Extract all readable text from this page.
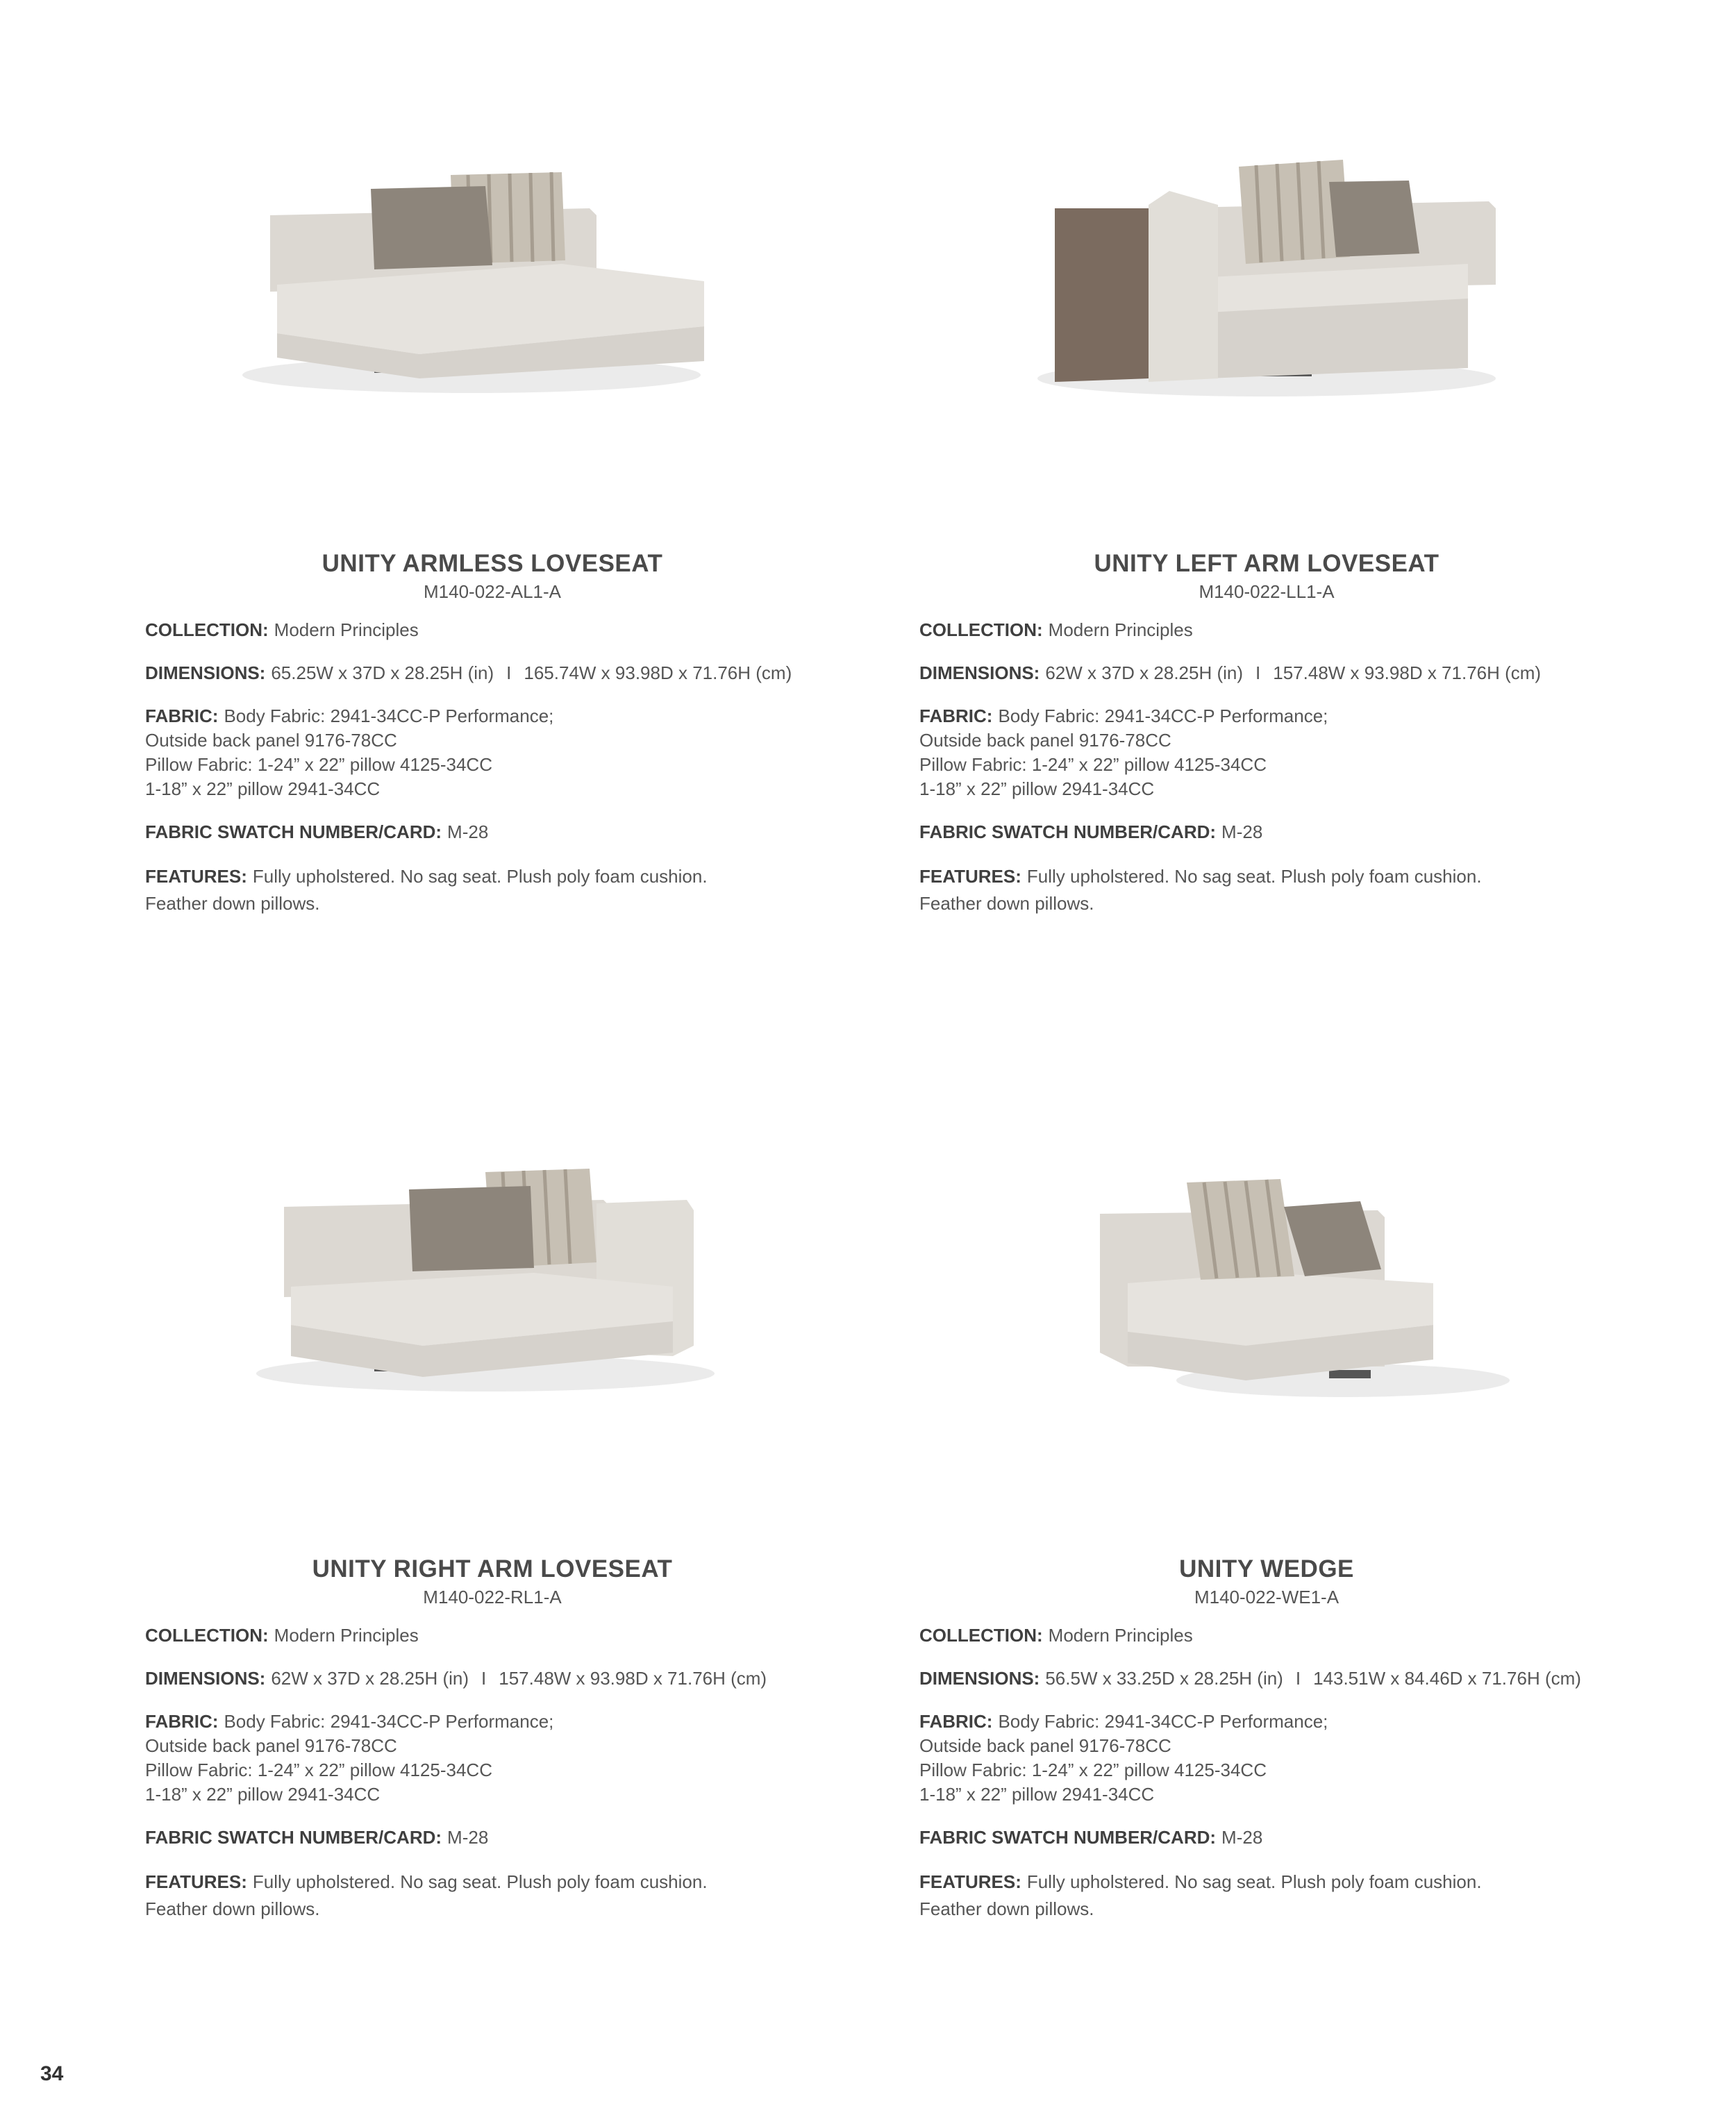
UNITY ARMLESS LOVESEAT
M140-022-AL1-A
COLLECTION: Modern Principles
DIMENSIONS: 65.25W x 37D x 28.25H (in) I 165.74W x 93.98D x 71.76H (cm)
FABRIC: Body Fabric: 2941-34CC-P Performance;
Outside back panel 9176-78CC
Pillow Fabric: 1-24” x 22” pillow 4125-34CC
1-18” x 22” pillow 2941-34CC
FABRIC SWATCH NUMBER/CARD: M-28
FEATURES: Fully upholstered. No sag seat. Plush poly foam cushion.
Feather down pillows.
UNITY LEFT ARM LOVESEAT
M140-022-LL1-A
COLLECTION: Modern Principles
DIMENSIONS: 62W x 37D x 28.25H (in) I 157.48W x 93.98D x 71.76H (cm)
FABRIC: Body Fabric: 2941-34CC-P Performance;
Outside back panel 9176-78CC
Pillow Fabric: 1-24” x 22” pillow 4125-34CC
1-18” x 22” pillow 2941-34CC
FABRIC SWATCH NUMBER/CARD: M-28
FEATURES: Fully upholstered. No sag seat. Plush poly foam cushion.
Feather down pillows.
UNITY RIGHT ARM LOVESEAT
M140-022-RL1-A
COLLECTION: Modern Principles
DIMENSIONS: 62W x 37D x 28.25H (in) I 157.48W x 93.98D x 71.76H (cm)
FABRIC: Body Fabric: 2941-34CC-P Performance;
Outside back panel 9176-78CC
Pillow Fabric: 1-24” x 22” pillow 4125-34CC
1-18” x 22” pillow 2941-34CC
FABRIC SWATCH NUMBER/CARD: M-28
FEATURES: Fully upholstered. No sag seat. Plush poly foam cushion.
Feather down pillows.
UNITY WEDGE
M140-022-WE1-A
COLLECTION: Modern Principles
DIMENSIONS: 56.5W x 33.25D x 28.25H (in) I 143.51W x 84.46D x 71.76H (cm)
FABRIC: Body Fabric: 2941-34CC-P Performance;
Outside back panel 9176-78CC
Pillow Fabric: 1-24” x 22” pillow 4125-34CC
1-18” x 22” pillow 2941-34CC
FABRIC SWATCH NUMBER/CARD: M-28
FEATURES: Fully upholstered. No sag seat. Plush poly foam cushion.
Feather down pillows.
34
